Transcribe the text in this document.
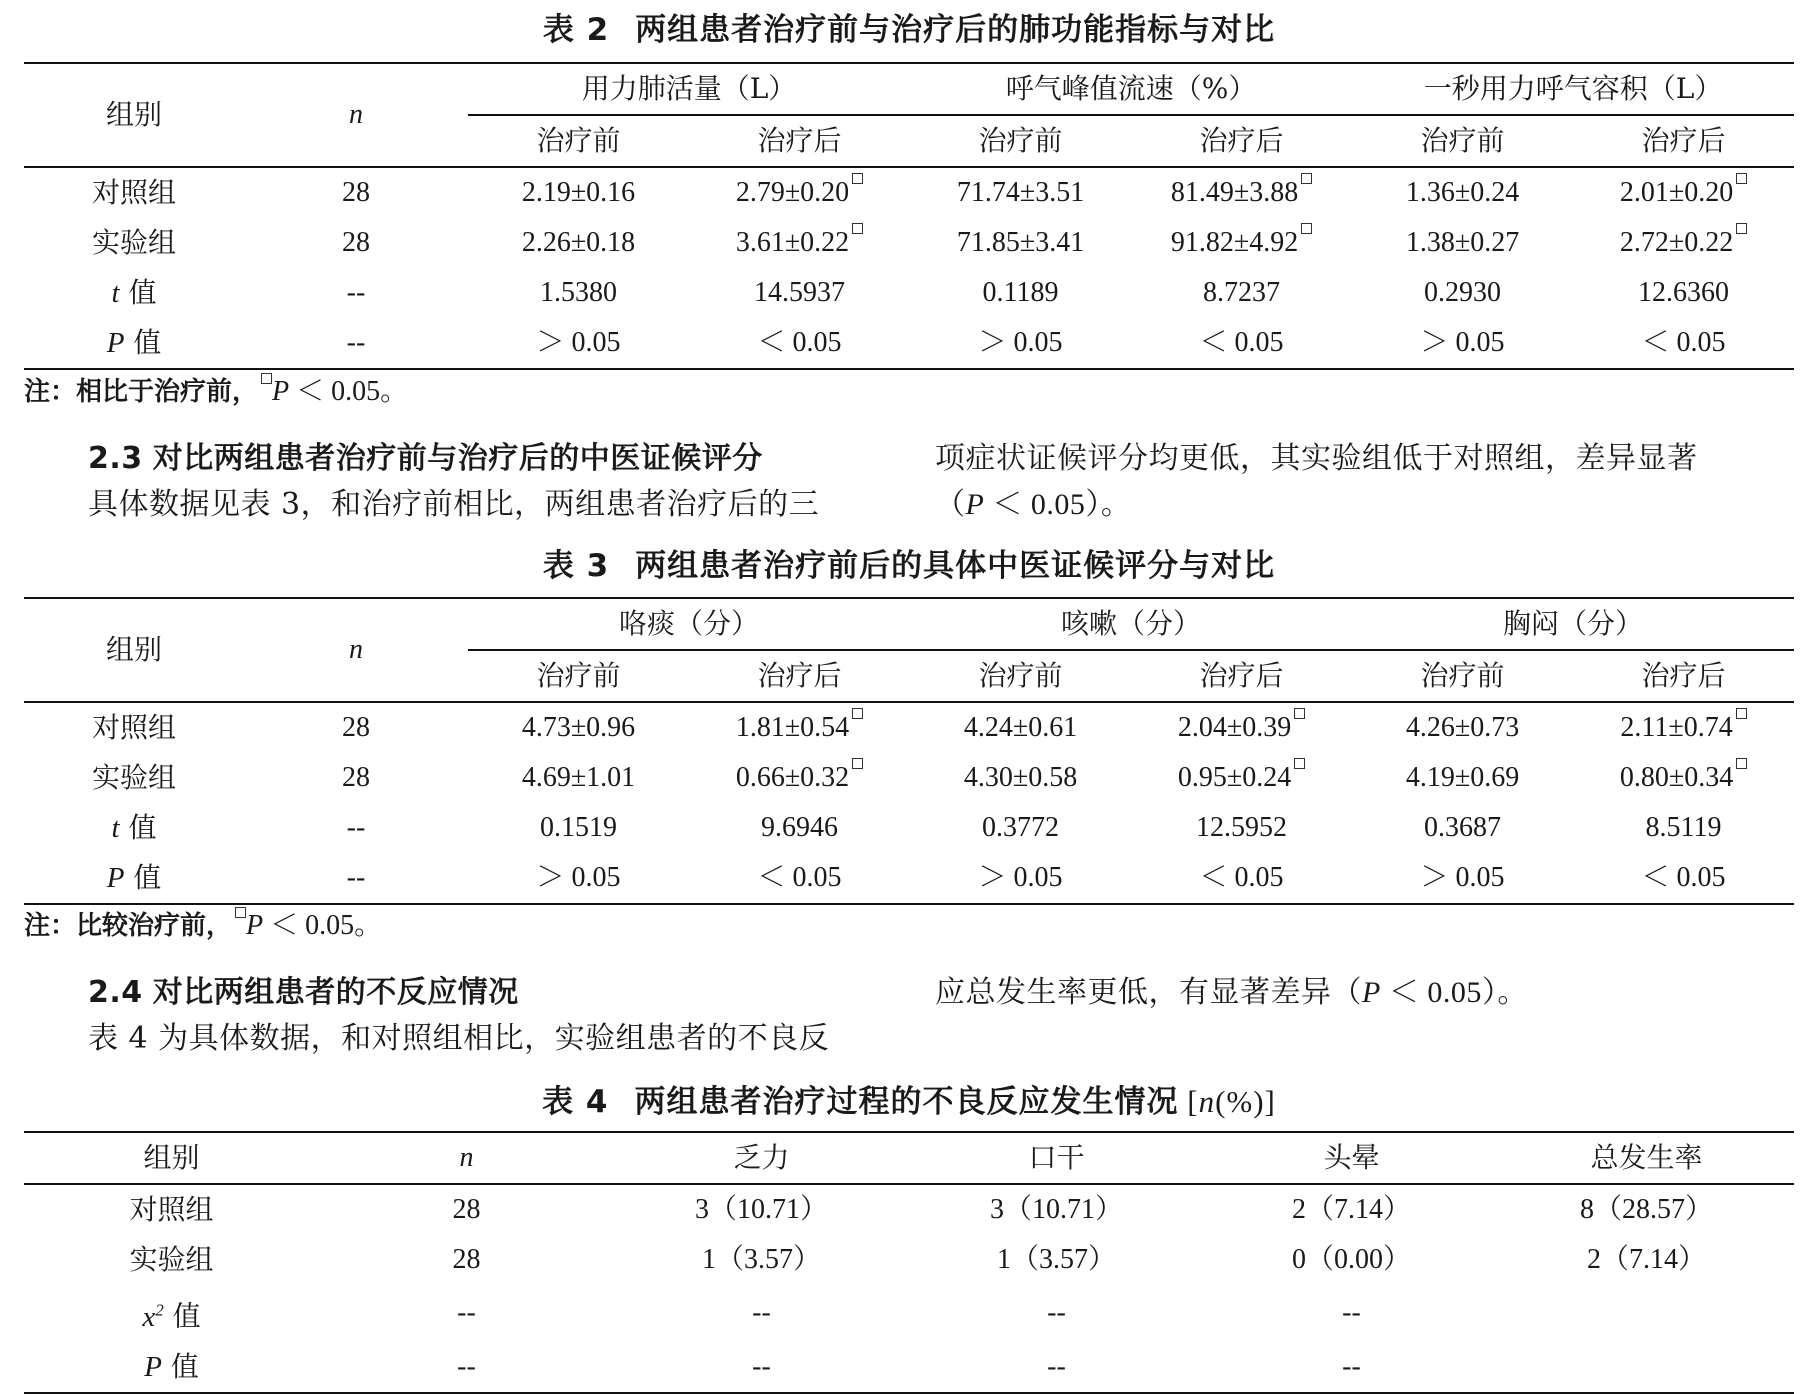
表 2 两组患者治疗前与治疗后的肺功能指标与对比
组别	n	用力肺活量（L）		呼气峰值流速（%）		一秒用力呼气容积（L）	
		治疗前	治疗后	治疗前	治疗后	治疗前	治疗后
对照组	28	2.19±0.16	2.79±0.20	71.74±3.51	81.49±3.88	1.36±0.24	2.01±0.20
实验组	28	2.26±0.18	3.61±0.22	71.85±3.41	91.82±4.92	1.38±0.27	2.72±0.22
t 值	--	1.5380	14.5937	0.1189	8.7237	0.2930	12.6360
P 值	--	＞ 0.05	＜ 0.05	＞ 0.05	＜ 0.05	＞ 0.05	＜ 0.05
注：相比于治疗前， P ＜ 0.05。
2.3 对比两组患者治疗前与治疗后的中医证候评分
具体数据见表 3，和治疗前相比，两组患者治疗后的三
项症状证候评分均更低，其实验组低于对照组，差异显著
（P ＜ 0.05）。
表 3 两组患者治疗前后的具体中医证候评分与对比
组别	n	咯痰（分）		咳嗽（分）		胸闷（分）	
		治疗前	治疗后	治疗前	治疗后	治疗前	治疗后
对照组	28	4.73±0.96	1.81±0.54	4.24±0.61	2.04±0.39	4.26±0.73	2.11±0.74
实验组	28	4.69±1.01	0.66±0.32	4.30±0.58	0.95±0.24	4.19±0.69	0.80±0.34
t 值	--	0.1519	9.6946	0.3772	12.5952	0.3687	8.5119
P 值	--	＞ 0.05	＜ 0.05	＞ 0.05	＜ 0.05	＞ 0.05	＜ 0.05
注：比较治疗前， P ＜ 0.05。
2.4 对比两组患者的不反应情况
表 4 为具体数据，和对照组相比，实验组患者的不良反
应总发生率更低，有显著差异（P ＜ 0.05）。
表 4 两组患者治疗过程的不良反应发生情况 [n(%)]
组别	n	乏力	口干	头晕	总发生率
对照组	28	3（10.71）	3（10.71）	2（7.14）	8（28.57）
实验组	28	1（3.57）	1（3.57）	0（0.00）	2（7.14）
$x^2$ 值	--	--	--	--	
P 值	--	--	--	--	
